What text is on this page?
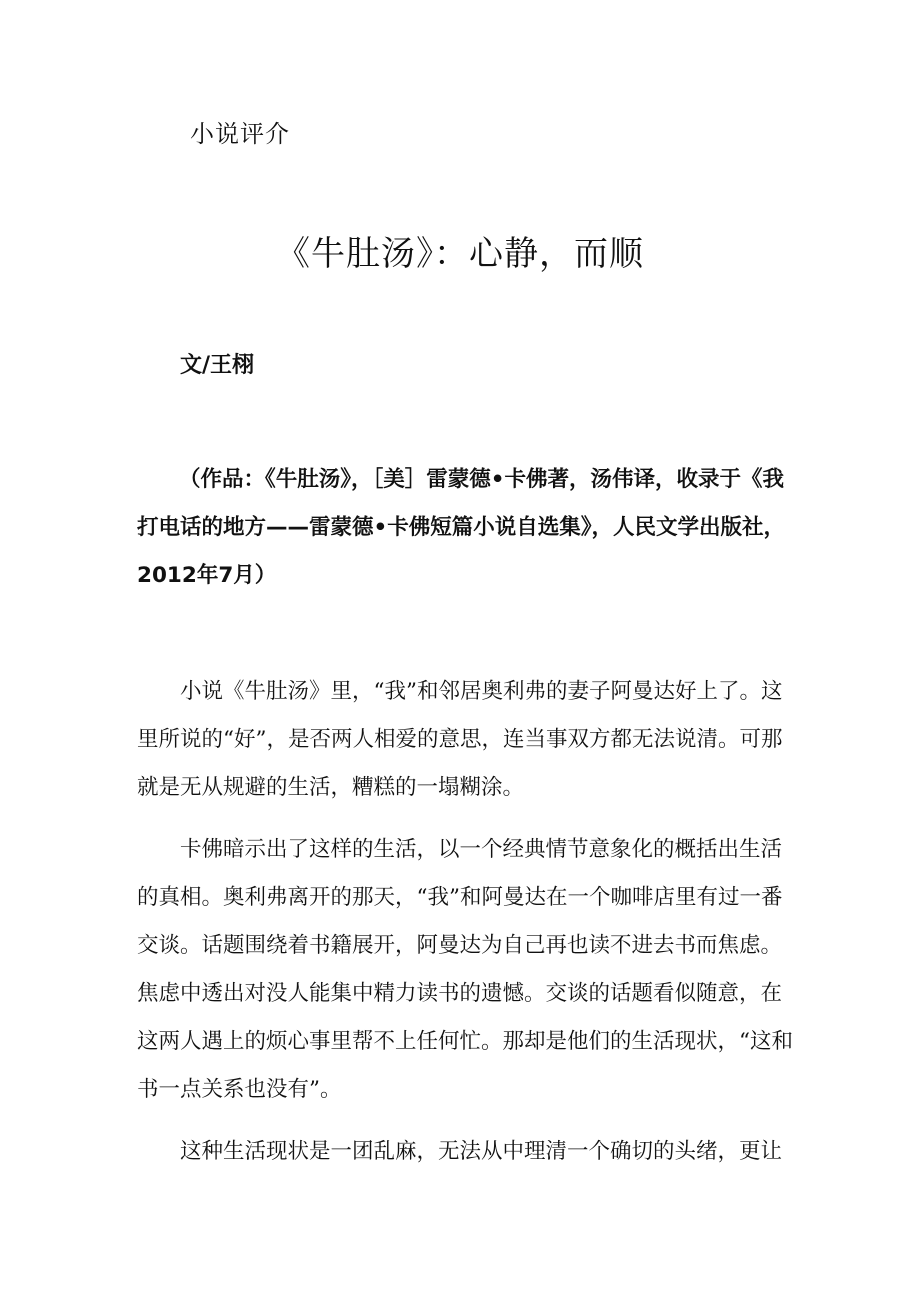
小说评介
《牛肚汤》：心静，而顺
文/王栩

（作品：《牛肚汤》，［美］雷蒙德•卡佛著，汤伟译，收录于《我打电话的地方——雷蒙德•卡佛短篇小说自选集》，人民文学出版社，2012年7月）

小说《牛肚汤》里，“我”和邻居奥利弗的妻子阿曼达好上了。这里所说的“好”，是否两人相爱的意思，连当事双方都无法说清。可那就是无从规避的生活，糟糕的一塌糊涂。

卡佛暗示出了这样的生活，以一个经典情节意象化的概括出生活的真相。奥利弗离开的那天，“我”和阿曼达在一个咖啡店里有过一番交谈。话题围绕着书籍展开，阿曼达为自己再也读不进去书而焦虑。焦虑中透出对没人能集中精力读书的遗憾。交谈的话题看似随意，在这两人遇上的烦心事里帮不上任何忙。那却是他们的生活现状，“这和书一点关系也没有”。

这种生活现状是一团乱麻，无法从中理清一个确切的头绪，更让
